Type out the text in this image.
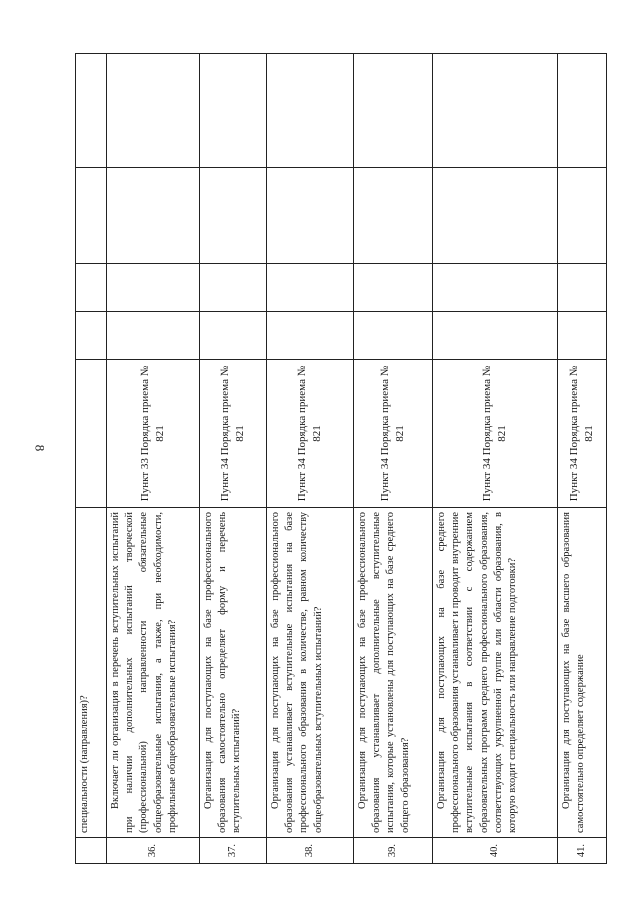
8

	специальности (направления)?					

36.	Включает ли организация в перечень вступительных испытаний при наличии дополнительных испытаний творческой (профессиональной) направленности обязательные общеобразовательные испытания, а также, при необходимости, профильные общеобразовательные испытания?	Пункт 33 Порядка приема № 821				
37.	Организация для поступающих на базе профессионального образования самостоятельно определяет форму и перечень вступительных испытаний?	Пункт 34 Порядка приема № 821				
38.	Организация для поступающих на базе профессионального образования устанавливает вступительные испытания на базе профессионального образования в количестве, равном количеству общеобразовательных вступительных испытаний?	Пункт 34 Порядка приема № 821				
39.	Организация для поступающих на базе профессионального образования устанавливает дополнительные вступительные испытания, которые установлены для поступающих на базе среднего общего образования?	Пункт 34 Порядка приема № 821				
40.	Организация для поступающих на базе среднего профессионального образования устанавливает и проводит внутренние вступительные испытания в соответствии с содержанием образовательных программ среднего профессионального образования, соответствующих укрупненной группе или области образования, в которую входит специальность или направление подготовки?	Пункт 34 Порядка приема № 821				
41.	Организация для поступающих на базе высшего образования самостоятельно определяет содержание	Пункт 34 Порядка приема № 821				
